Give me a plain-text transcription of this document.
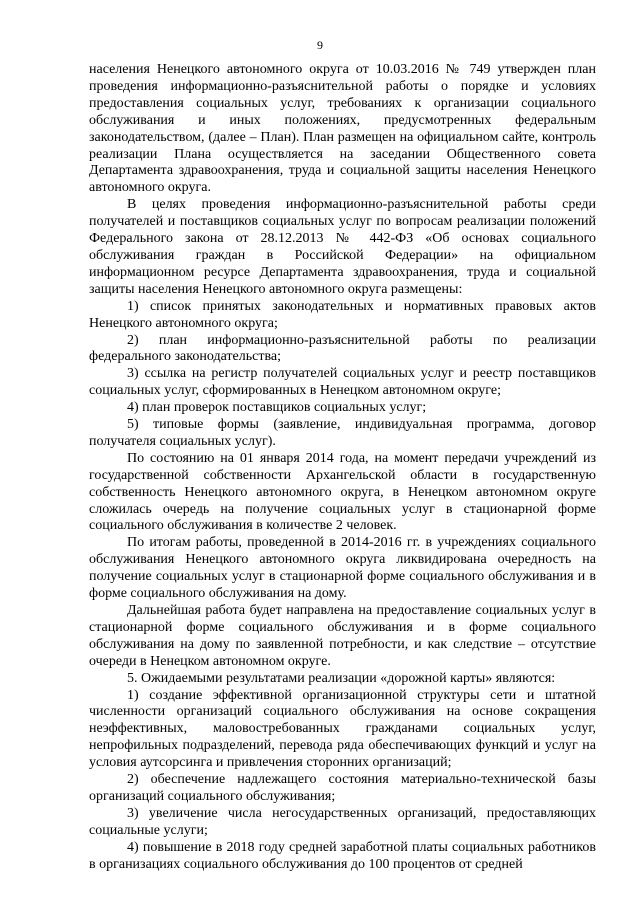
9

населения Ненецкого автономного округа от 10.03.2016 № 749 утвержден план проведения информационно-разъяснительной работы о порядке и условиях предоставления социальных услуг, требованиях к организации социального обслуживания и иных положениях, предусмотренных федеральным законодательством, (далее – План). План размещен на официальном сайте, контроль реализации Плана осуществляется на заседании Общественного совета Департамента здравоохранения, труда и социальной защиты населения Ненецкого автономного округа.

В целях проведения информационно-разъяснительной работы среди получателей и поставщиков социальных услуг по вопросам реализации положений Федерального закона от 28.12.2013 № 442-ФЗ «Об основах социального обслуживания граждан в Российской Федерации» на официальном информационном ресурсе Департамента здравоохранения, труда и социальной защиты населения Ненецкого автономного округа размещены:

1) список принятых законодательных и нормативных правовых актов Ненецкого автономного округа;

2) план информационно-разъяснительной работы по реализации федерального законодательства;

3) ссылка на регистр получателей социальных услуг и реестр поставщиков социальных услуг, сформированных в Ненецком автономном округе;

4) план проверок поставщиков социальных услуг;

5) типовые формы (заявление, индивидуальная программа, договор получателя социальных услуг).

По состоянию на 01 января 2014 года, на момент передачи учреждений из государственной собственности Архангельской области в государственную собственность Ненецкого автономного округа, в Ненецком автономном округе сложилась очередь на получение социальных услуг в стационарной форме социального обслуживания в количестве 2 человек.

По итогам работы, проведенной в 2014-2016 гг. в учреждениях социального обслуживания Ненецкого автономного округа ликвидирована очередность на получение социальных услуг в стационарной форме социального обслуживания и в форме социального обслуживания на дому.

Дальнейшая работа будет направлена на предоставление социальных услуг в стационарной форме социального обслуживания и в форме социального обслуживания на дому по заявленной потребности, и как следствие – отсутствие очереди в Ненецком автономном округе.

5. Ожидаемыми результатами реализации «дорожной карты» являются:

1) создание эффективной организационной структуры сети и штатной численности организаций социального обслуживания на основе сокращения неэффективных, маловостребованных гражданами социальных услуг, непрофильных подразделений, перевода ряда обеспечивающих функций и услуг на условия аутсорсинга и привлечения сторонних организаций;

2) обеспечение надлежащего состояния материально-технической базы организаций социального обслуживания;

3) увеличение числа негосударственных организаций, предоставляющих социальные услуги;

4) повышение в 2018 году средней заработной платы социальных работников в организациях социального обслуживания до 100 процентов от средней
